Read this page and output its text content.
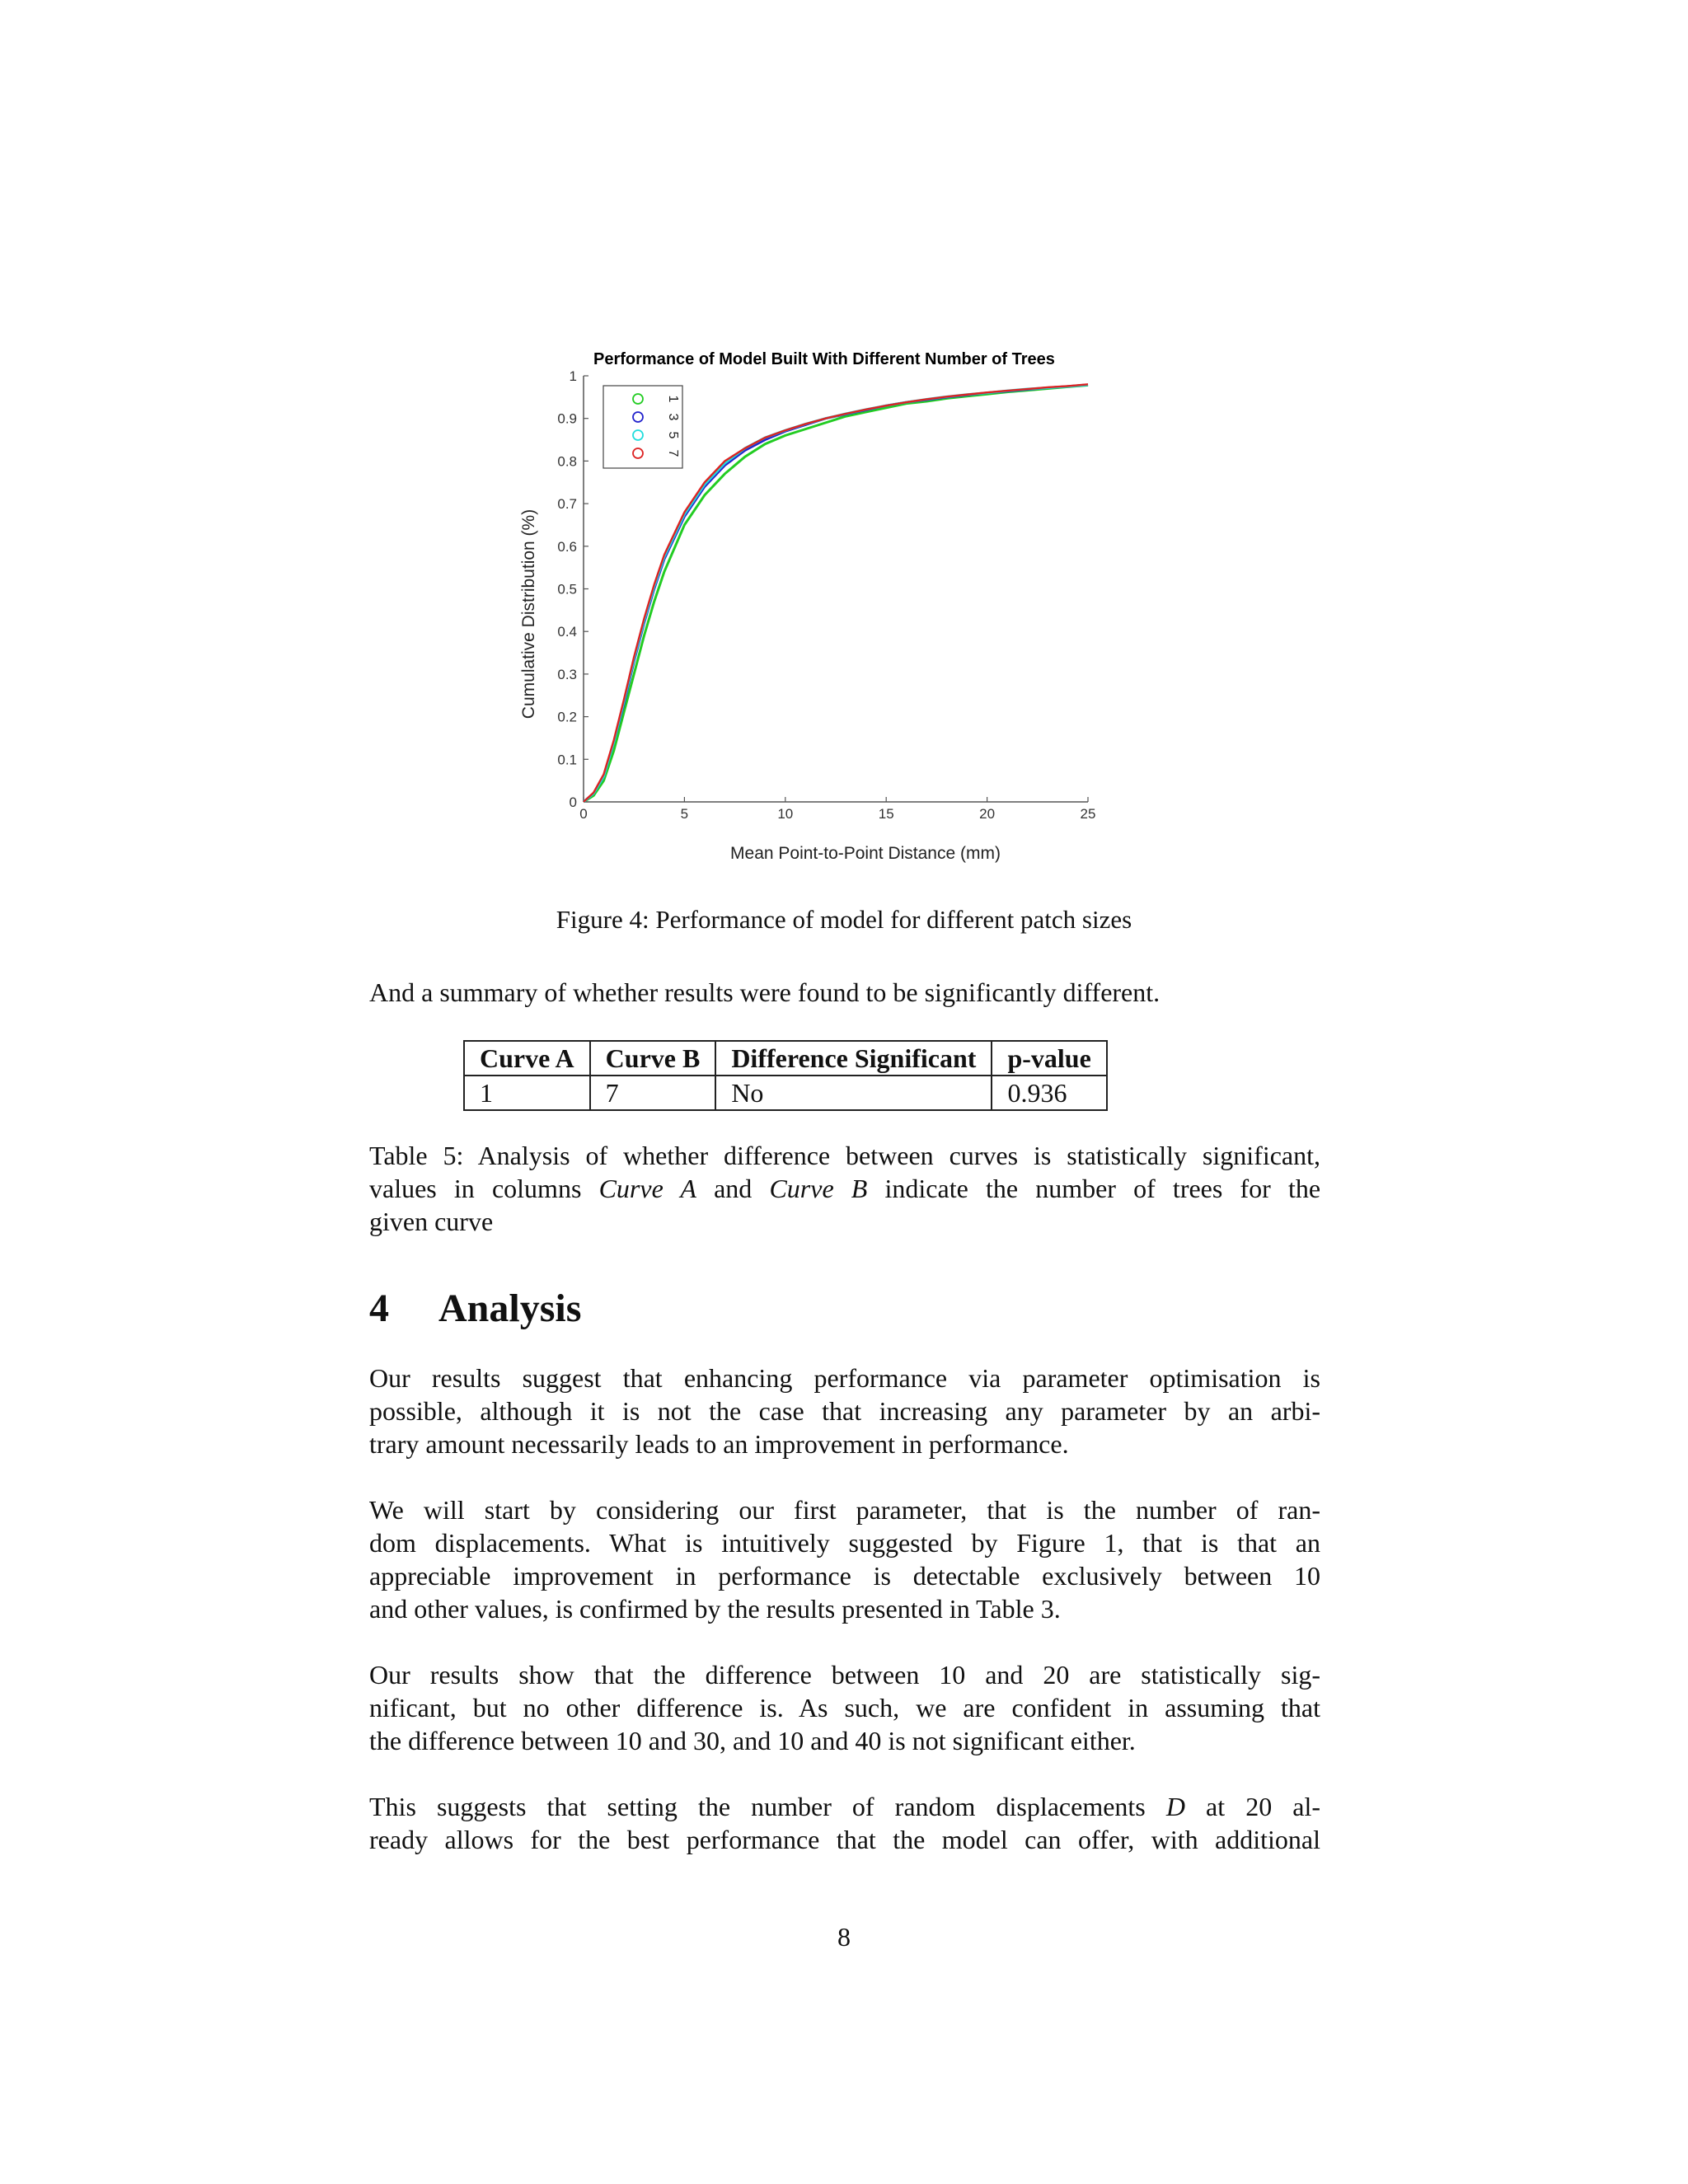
Performance of Model Built With Different Number of Trees
0	5	10	15	20	25
0
0.1
0.2
0.3
0.4
0.5
0.6
0.7
0.8
0.9
1
1
3
5
7
Mean Point-to-Point Distance (mm)
Cumulative Distribution (%)
Figure 4: Performance of model for different patch sizes
And a summary of whether results were found to be significantly different.
Curve A	Curve B	Difference Significant	p-value
1	7	No	0.936
Table 5: Analysis of whether difference between curves is statistically significant,
values in columns Curve A and Curve B indicate the number of trees for the
given curve
4 Analysis
Our results suggest that enhancing performance via parameter optimisation is
possible, although it is not the case that increasing any parameter by an arbi-
trary amount necessarily leads to an improvement in performance.
We will start by considering our first parameter, that is the number of ran-
dom displacements. What is intuitively suggested by Figure 1, that is that an
appreciable improvement in performance is detectable exclusively between 10
and other values, is confirmed by the results presented in Table 3.
Our results show that the difference between 10 and 20 are statistically sig-
nificant, but no other difference is. As such, we are confident in assuming that
the difference between 10 and 30, and 10 and 40 is not significant either.
This suggests that setting the number of random displacements D at 20 al-
ready allows for the best performance that the model can offer, with additional
8
